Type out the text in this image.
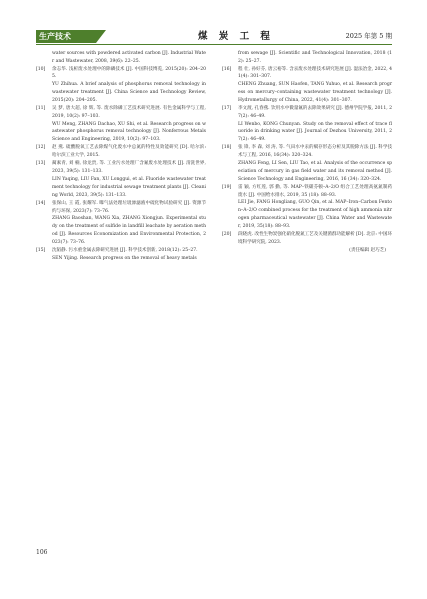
生产技术	煤 炭 工 程	2025 年第 5 期
water sources with powdered activated carbon [J]. Industrial Water and Wastewater, 2008, 39(6): 22–25.
[10]	余志华. 浅析废水处理中的除磷技术 [J]. 中国科技博览, 2015(20): 204–205.
YU Zhihua. A brief analysis of phosphorus removal technology in wastewater treatment [J]. China Science and Technology Review, 2015(20): 204–205.
[11]	吴 梦, 唐大超, 徐 辉, 等. 废水除磷工艺技术研究进展. 有色金属科学与工程, 2019, 10(2): 97–103.
WU Meng, ZHANG Dachao, XU Shi, et al. Research progress on wastewater phosphorus removal technology [J]. Nonferrous Metals Science and Engineering, 2019, 10(2): 97–103.
[12]	赵 燕. 硫酸脱氧工艺去除煤气化废水中总氮的特性及效能研究 [D]. 哈尔滨: 哈尔滨工业大学, 2015.
[13]	蔺素青, 刘 楠, 徐龙贵, 等. 工业污水处理厂含氟废水处理技术 [J]. 清洗世界, 2023, 39(5): 131–133.
LIN Yaqing, LIU Fan, XU Longgui, et al. Fluoride wastewater treatment technology for industrial sewage treatment plants [J]. Cleaning World, 2023, 39(5): 131–133.
[14]	张保山, 王 霞, 张耀军. 曝气法处理垃圾渗滤液中硫化物试验研究 [J]. 资源节约与环保, 2023(7): 73–76.
ZHANG Baoshan, WANG Xia, ZHANG Xiongjun. Experimental study on the treatment of sulfide in landfill leachate by aeration method [J]. Resources Economization and Environmental Protection, 2023(7): 73–76.
[15]	沈韬静. 污水重金属去除研究进展 [J]. 科学技术创新, 2018(12): 25–27.
SEN Yijing. Research progress on the removal of heavy metals
from sewage [J]. Scientific and Technological Innovation, 2018 (12): 25–27.
[16]	程 壮, 孙好芬, 唐云裕等. 含汞废水处理技术研究进展 [J]. 湿法冶金, 2022, 41(4): 301–307.
CHENG Zhuang, SUN Haofen, TANG Yuhuo, et al. Research progress on mercury–containing wastewater treatment technology [J]. Hydrometallurgy of China, 2022, 41(4): 301–307.
[17]	李文渡, 孔春燕. 饮用水中微量氟的去除效果研究 [J]. 德州学院学报, 2011, 27(2): 46–49.
LI Wenbo, KONG Chunyan. Study on the removal effect of trace fluoride in drinking water [J]. Journal of Dezhou University, 2011, 27(2): 46–49.
[18]	张 锋, 李 森, 刘 涛, 等. 气田水中汞的赋存形态分析及其脱除方法 [J]. 科学技术与工程, 2016, 16(34): 320–324.
ZHANG Feng, LI Sen, LIU Tao, et al. Analysis of the occurrence speciation of mercury in gas field water and its removal method [J]. Science Technology and Engineering, 2016, 16 (34): 320–324.
[19]	雷 颖, 方红莲, 郭 勤, 等. MAP–铁碳芬顿–A–2/O 组合工艺处理高氨氮制药废水 [J]. 中国给水排水, 2019, 35 (18): 88–93.
LEI Jie, FANG Hongliang, GUO Qin, et al. MAP–Iron–Carbon Fenton–A–2/O combined process for the treatment of high ammonia nitrogen pharmaceutical wastewater [J]. China Water and Wastewater, 2019, 35(18): 88–93.
[20]	段晓虎. 改性生物炭强化硝化脱氮工艺及关键菌群功能解析 [D]. 北京: 中国环境科学研究院, 2023.
(责任编辑 赵巧芝)
106
